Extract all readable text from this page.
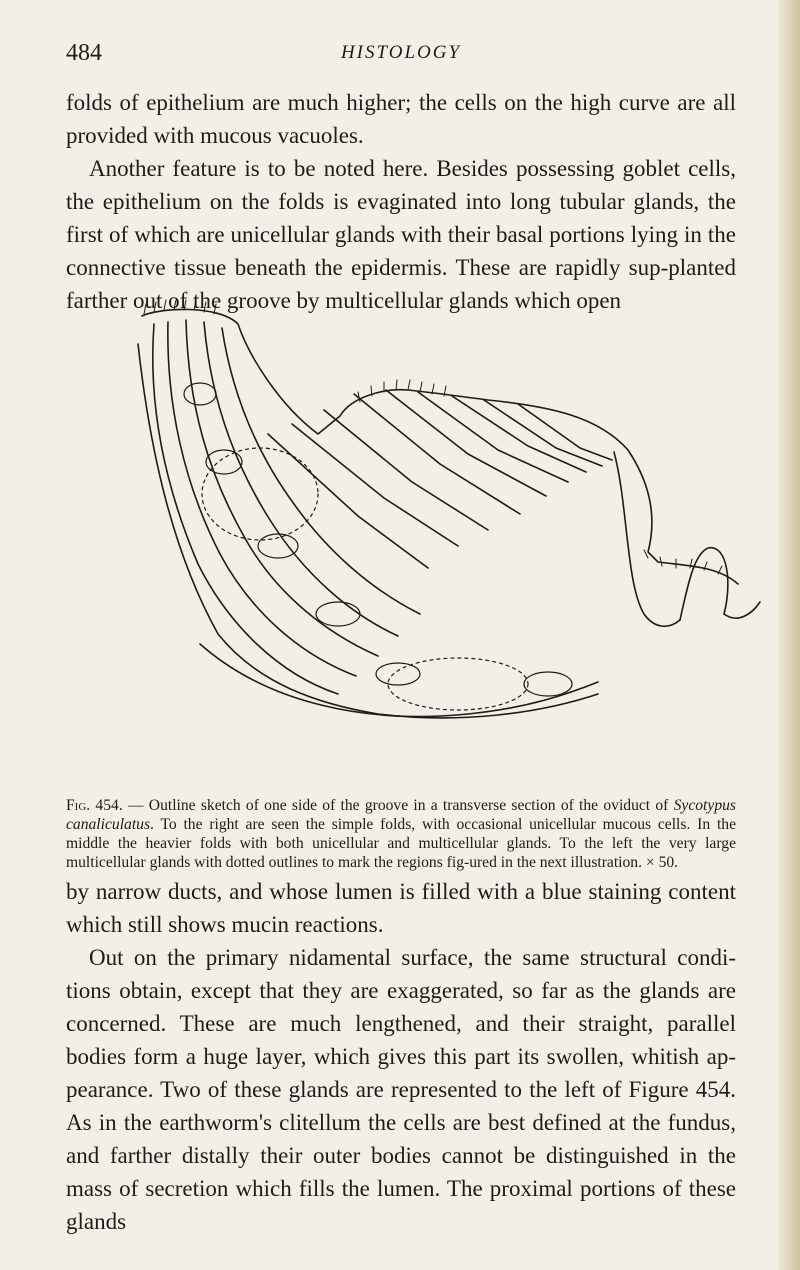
484	HISTOLOGY

folds of epithelium are much higher; the cells on the high curve are all provided with mucous vacuoles.

Another feature is to be noted here. Besides possessing goblet cells, the epithelium on the folds is evaginated into long tubular glands, the first of which are unicellular glands with their basal portions lying in the connective tissue beneath the epidermis. These are rapidly sup-planted farther out of the groove by multicellular glands which open

Fig. 454. — Outline sketch of one side of the groove in a transverse section of the oviduct of Sycotypus canaliculatus. To the right are seen the simple folds, with occasional unicellular mucous cells. In the middle the heavier folds with both unicellular and multicellular glands. To the left the very large multicellular glands with dotted outlines to mark the regions fig-ured in the next illustration. × 50.

by narrow ducts, and whose lumen is filled with a blue staining content which still shows mucin reactions.

Out on the primary nidamental surface, the same structural condi-tions obtain, except that they are exaggerated, so far as the glands are concerned. These are much lengthened, and their straight, parallel bodies form a huge layer, which gives this part its swollen, whitish ap-pearance. Two of these glands are represented to the left of Figure 454. As in the earthworm's clitellum the cells are best defined at the fundus, and farther distally their outer bodies cannot be distinguished in the mass of secretion which fills the lumen. The proximal portions of these glands
